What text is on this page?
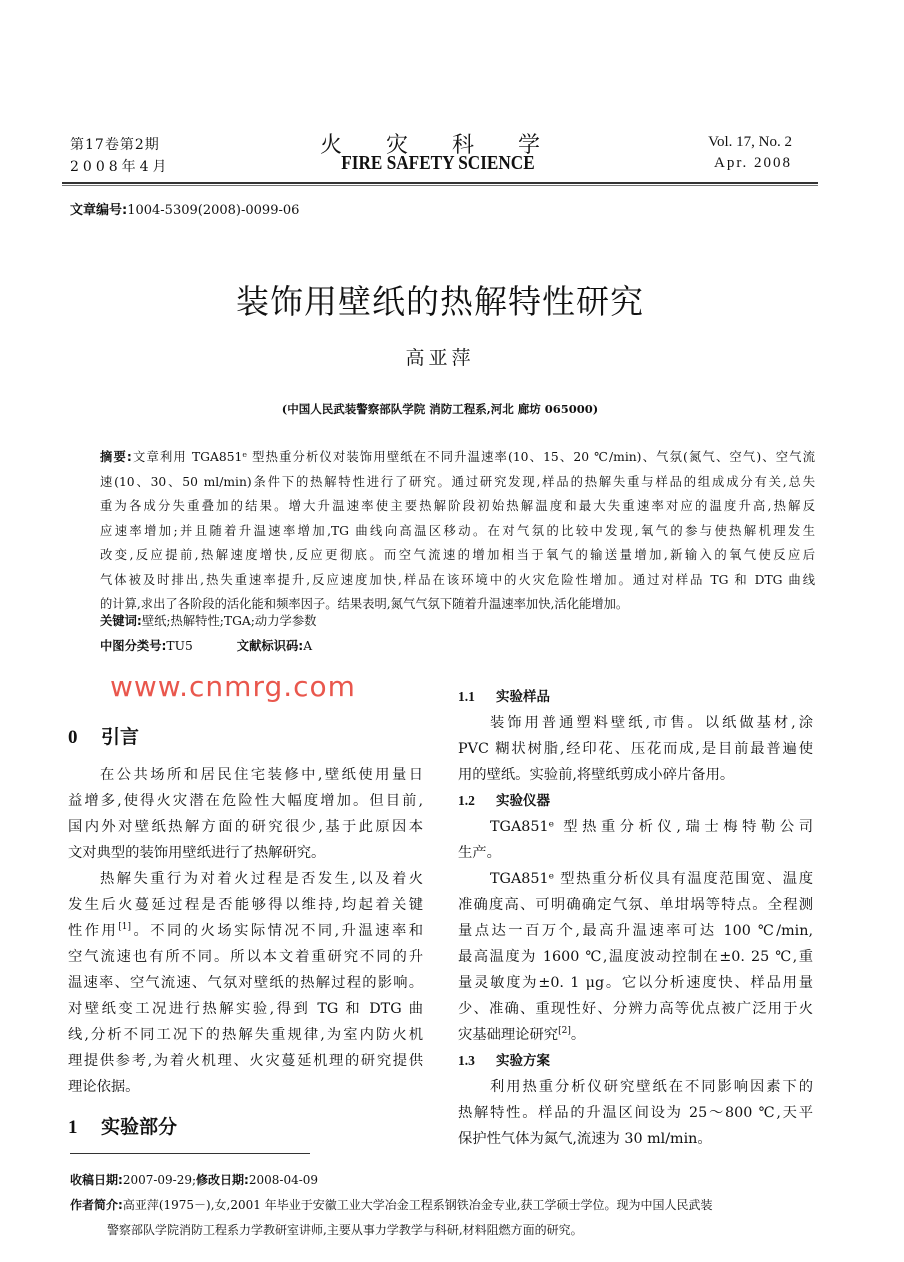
第17卷第2期
2008年4月
火灾科学
FIRE SAFETY SCIENCE
Vol. 17, No. 2
Apr. 2008
文章编号:1004-5309(2008)-0099-06
装饰用壁纸的热解特性研究
高亚萍
(中国人民武装警察部队学院 消防工程系,河北 廊坊 065000)
摘要:文章利用 TGA851ᵉ 型热重分析仪对装饰用壁纸在不同升温速率(10、15、20 ℃/min)、气氛(氮气、空气)、空气流
速(10、30、50 ml/min)条件下的热解特性进行了研究。通过研究发现,样品的热解失重与样品的组成成分有关,总失
重为各成分失重叠加的结果。增大升温速率使主要热解阶段初始热解温度和最大失重速率对应的温度升高,热解反
应速率增加;并且随着升温速率增加,TG 曲线向高温区移动。在对气氛的比较中发现,氧气的参与使热解机理发生
改变,反应提前,热解速度增快,反应更彻底。而空气流速的增加相当于氧气的输送量增加,新输入的氧气使反应后
气体被及时排出,热失重速率提升,反应速度加快,样品在该环境中的火灾危险性增加。通过对样品 TG 和 DTG 曲线
的计算,求出了各阶段的活化能和频率因子。结果表明,氮气气氛下随着升温速率加快,活化能增加。
关键词:壁纸;热解特性;TGA;动力学参数
中图分类号:TU5	文献标识码:A
0 引言
在公共场所和居民住宅装修中,壁纸使用量日
益增多,使得火灾潜在危险性大幅度增加。但目前,
国内外对壁纸热解方面的研究很少,基于此原因本
文对典型的装饰用壁纸进行了热解研究。
热解失重行为对着火过程是否发生,以及着火
发生后火蔓延过程是否能够得以维持,均起着关键
性作用[1]。不同的火场实际情况不同,升温速率和
空气流速也有所不同。所以本文着重研究不同的升
温速率、空气流速、气氛对壁纸的热解过程的影响。
对壁纸变工况进行热解实验,得到 TG 和 DTG 曲
线,分析不同工况下的热解失重规律,为室内防火机
理提供参考,为着火机理、火灾蔓延机理的研究提供
理论依据。
1 实验部分
1.1 实验样品
装饰用普通塑料壁纸,市售。以纸做基材,涂
PVC 糊状树脂,经印花、压花而成,是目前最普遍使
用的壁纸。实验前,将壁纸剪成小碎片备用。
1.2 实验仪器
TGA851ᵉ 型热重分析仪,瑞士梅特勒公司
生产。
TGA851ᵉ 型热重分析仪具有温度范围宽、温度
准确度高、可明确确定气氛、单坩埚等特点。全程测
量点达一百万个,最高升温速率可达 100 ℃/min,
最高温度为 1600 ℃,温度波动控制在±0. 25 ℃,重
量灵敏度为±0. 1 μg。它以分析速度快、样品用量
少、准确、重现性好、分辨力高等优点被广泛用于火
灾基础理论研究[2]。
1.3 实验方案
利用热重分析仪研究壁纸在不同影响因素下的
热解特性。样品的升温区间设为 25～800 ℃,天平
保护性气体为氮气,流速为 30 ml/min。
收稿日期:2007-09-29;修改日期:2008-04-09
作者简介:高亚萍(1975－),女,2001 年毕业于安徽工业大学冶金工程系钢铁冶金专业,获工学硕士学位。现为中国人民武装
警察部队学院消防工程系力学教研室讲师,主要从事力学教学与科研,材料阻燃方面的研究。
www.cnmrg.com
